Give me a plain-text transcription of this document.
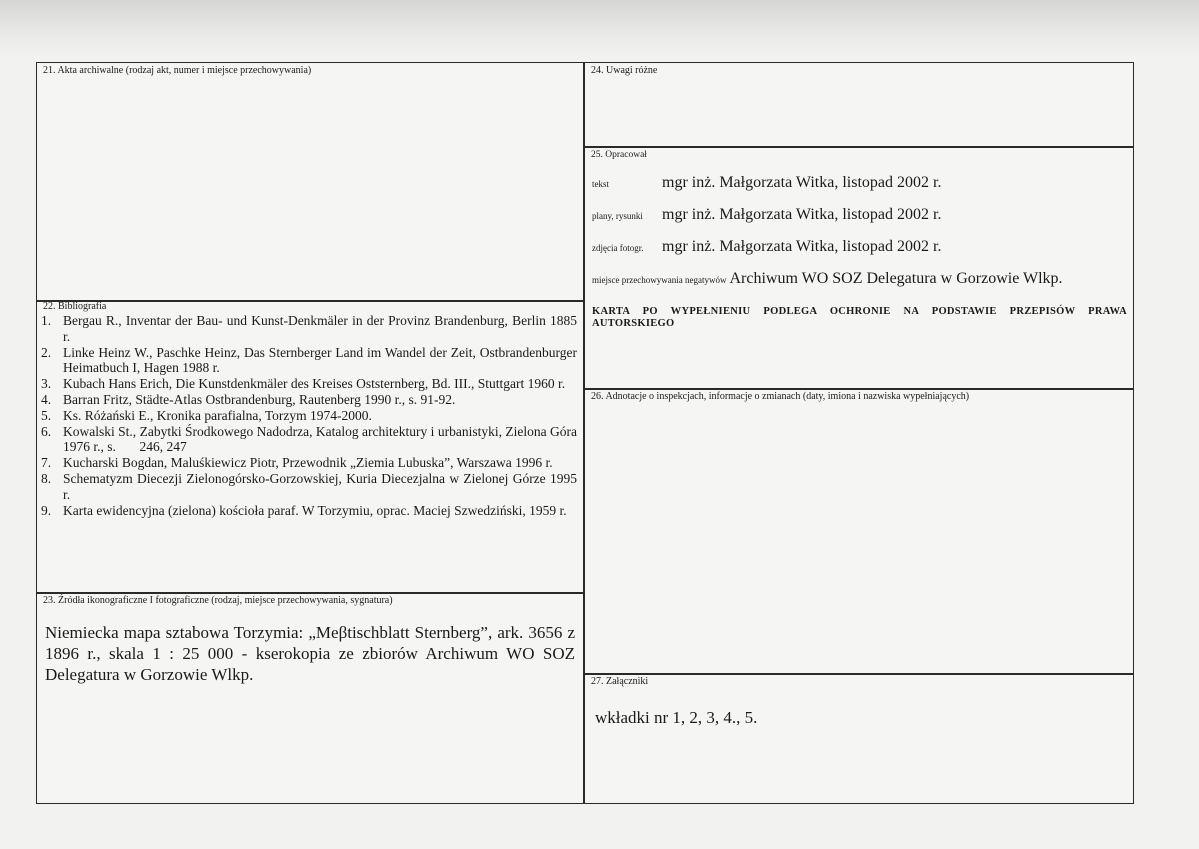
21. Akta archiwalne (rodzaj akt, numer i miejsce przechowywania)
22. Bibliografia
1. Bergau R., Inventar der Bau- und Kunst-Denkmäler in der Provinz Brandenburg, Berlin 1885 r.
2. Linke Heinz W., Paschke Heinz, Das Sternberger Land im Wandel der Zeit, Ostbrandenburger Heimatbuch I, Hagen 1988 r.
3. Kubach Hans Erich, Die Kunstdenkmäler des Kreises Oststernberg, Bd. III., Stuttgart 1960 r.
4. Barran Fritz, Städte-Atlas Ostbrandenburg, Rautenberg 1990 r., s. 91-92.
5. Ks. Różański E., Kronika parafialna, Torzym 1974-2000.
6. Kowalski St., Zabytki Środkowego Nadodrza, Katalog architektury i urbanistyki, Zielona Góra 1976 r., s.       246, 247
7. Kucharski Bogdan, Maluśkiewicz Piotr, Przewodnik „Ziemia Lubuska”, Warszawa 1996 r.
8. Schematyzm Diecezji Zielonogórsko-Gorzowskiej, Kuria Diecezjalna w Zielonej Górze 1995 r.
9. Karta ewidencyjna (zielona) kościoła paraf. W Torzymiu, oprac. Maciej Szwedziński, 1959 r.
23. Źródła ikonograficzne I fotograficzne (rodzaj, miejsce przechowywania, sygnatura)
Niemiecka mapa sztabowa Torzymia: „Meβtischblatt Sternberg”, ark. 3656 z 1896 r., skala 1 : 25 000 - kserokopia ze zbiorów Archiwum WO SOZ Delegatura w Gorzowie Wlkp.
24. Uwagi różne
25. Opracował
tekst	mgr inż. Małgorzata Witka, listopad 2002 r.
plany, rysunki mgr inż. Małgorzata Witka, listopad 2002 r.
zdjęcia fotogr. mgr inż. Małgorzata Witka, listopad 2002 r.
miejsce przechowywania negatywów Archiwum WO SOZ Delegatura w Gorzowie Wlkp.
KARTA PO WYPEŁNIENIU PODLEGA OCHRONIE NA PODSTAWIE PRZEPISÓW PRAWA AUTORSKIEGO
26. Adnotacje o inspekcjach, informacje o zmianach (daty, imiona i nazwiska wypełniających)
27. Załączniki
wkładki nr 1, 2, 3, 4., 5.
